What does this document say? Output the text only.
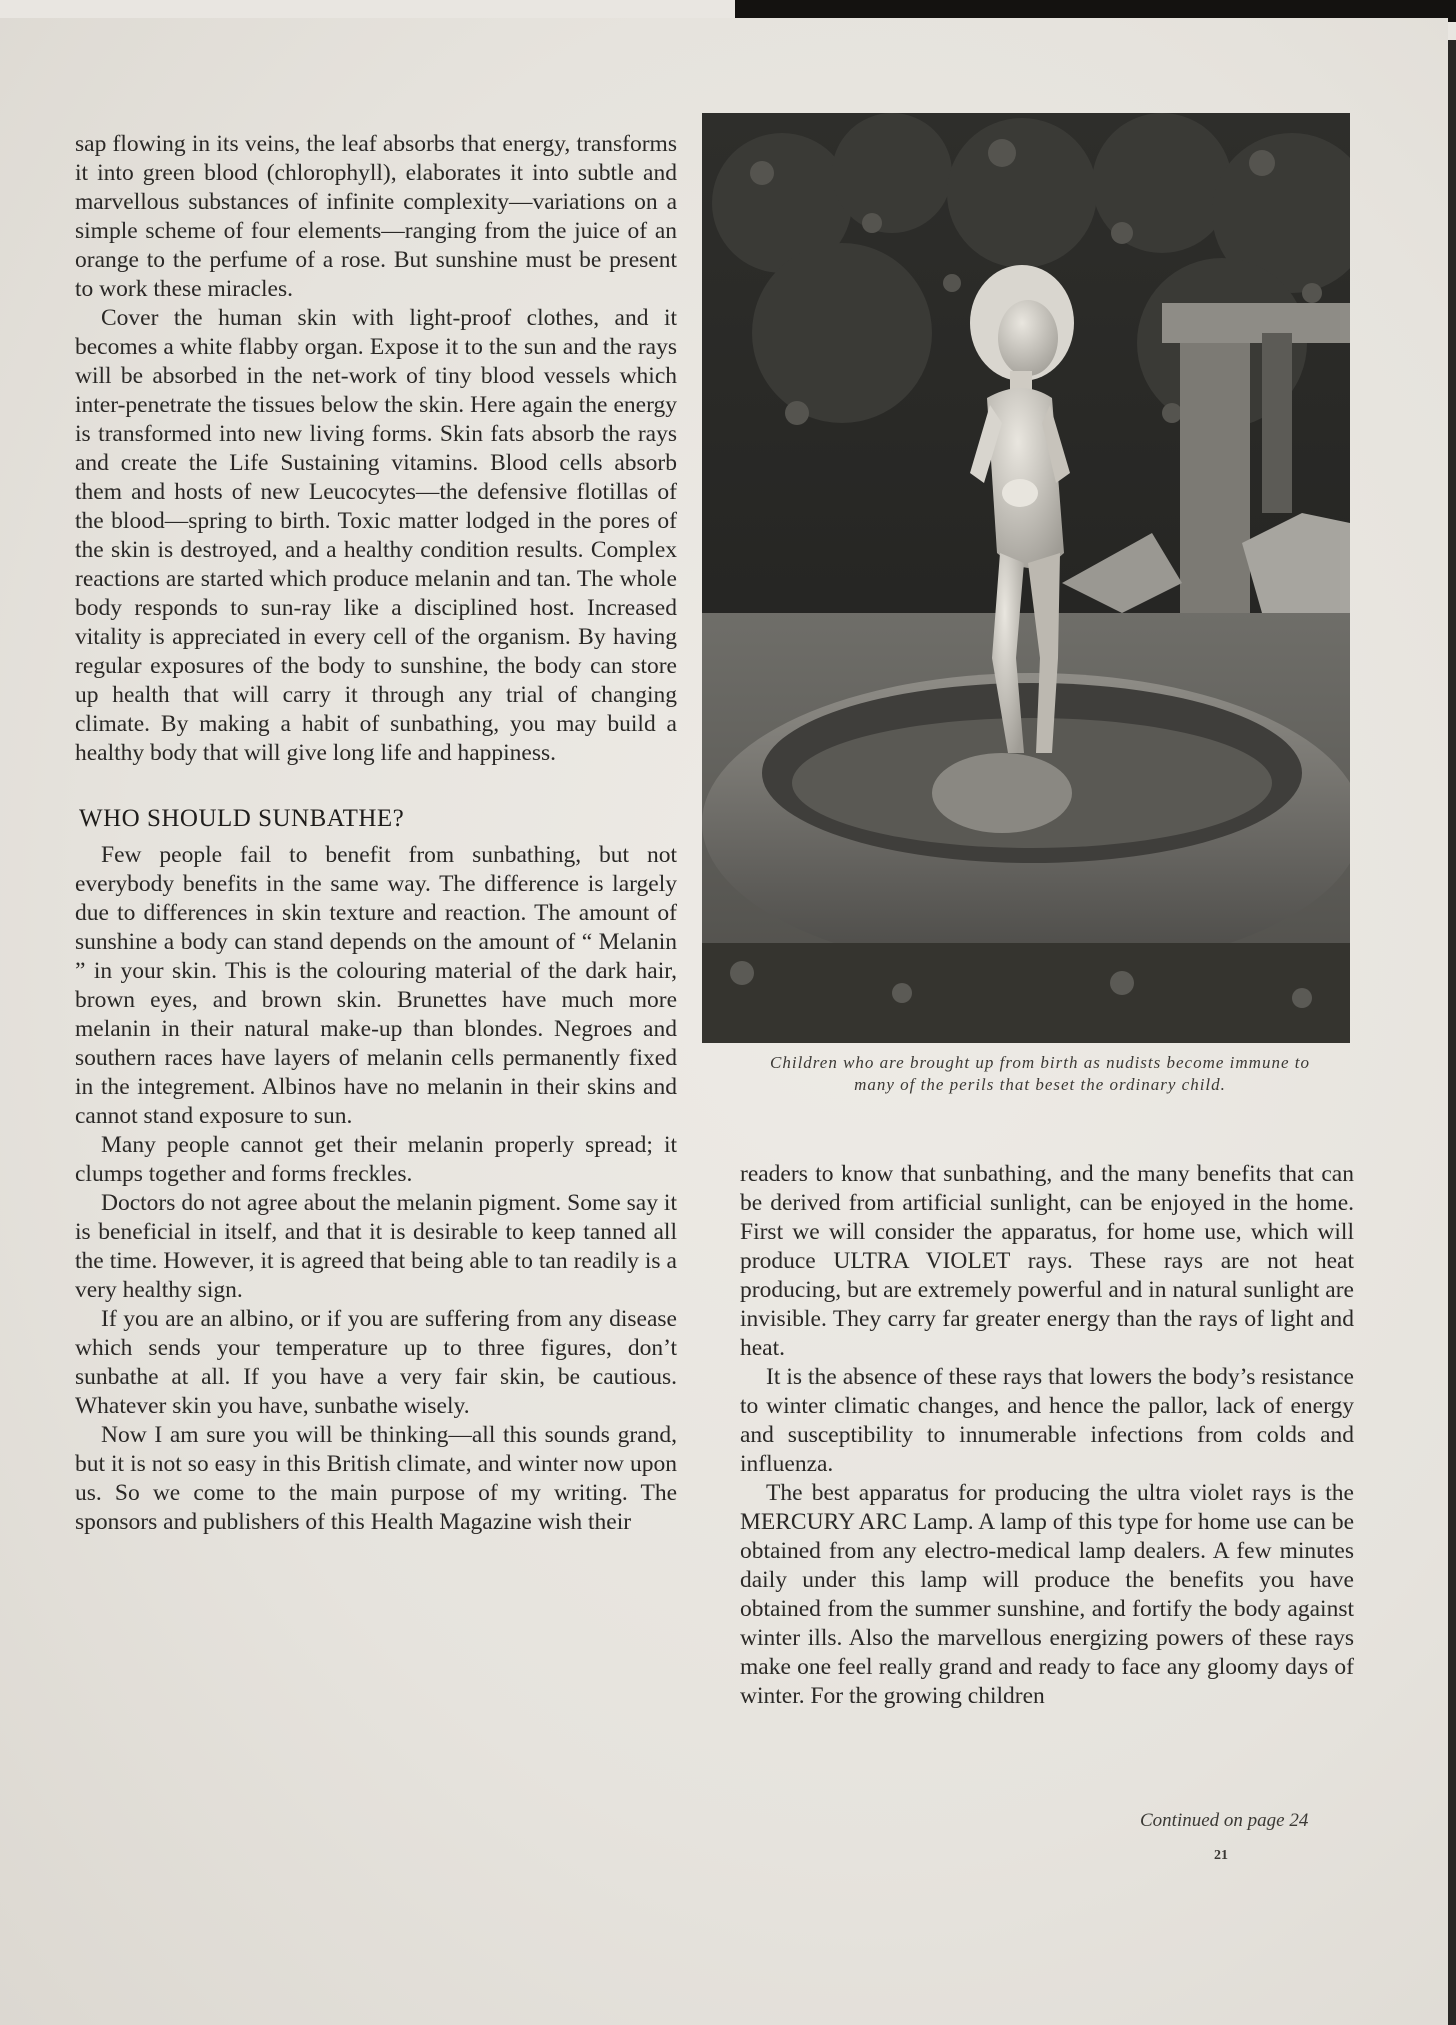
sap flowing in its veins, the leaf absorbs that energy, transforms it into green blood (chlorophyll), elaborates it into subtle and marvellous substances of infinite complexity—variations on a simple scheme of four elements—ranging from the juice of an orange to the perfume of a rose. But sunshine must be present to work these miracles.

Cover the human skin with light-proof clothes, and it becomes a white flabby organ. Expose it to the sun and the rays will be absorbed in the net-work of tiny blood vessels which inter-penetrate the tissues below the skin. Here again the energy is transformed into new living forms. Skin fats absorb the rays and create the Life Sustaining vitamins. Blood cells absorb them and hosts of new Leucocytes—the defensive flotillas of the blood—spring to birth. Toxic matter lodged in the pores of the skin is destroyed, and a healthy condition results. Complex reactions are started which produce melanin and tan. The whole body responds to sun-ray like a disciplined host. Increased vitality is appreciated in every cell of the organism. By having regular exposures of the body to sunshine, the body can store up health that will carry it through any trial of changing climate. By making a habit of sunbathing, you may build a healthy body that will give long life and happiness.

WHO SHOULD SUNBATHE?

Few people fail to benefit from sunbathing, but not everybody benefits in the same way. The difference is largely due to differences in skin texture and reaction. The amount of sunshine a body can stand depends on the amount of “ Melanin ” in your skin. This is the colouring material of the dark hair, brown eyes, and brown skin. Brunettes have much more melanin in their natural make-up than blondes. Negroes and southern races have layers of melanin cells permanently fixed in the integrement. Albinos have no melanin in their skins and cannot stand exposure to sun.

Many people cannot get their melanin properly spread; it clumps together and forms freckles.

Doctors do not agree about the melanin pigment. Some say it is beneficial in itself, and that it is desirable to keep tanned all the time. However, it is agreed that being able to tan readily is a very healthy sign.

If you are an albino, or if you are suffering from any disease which sends your temperature up to three figures, don’t sunbathe at all. If you have a very fair skin, be cautious. Whatever skin you have, sunbathe wisely.

Now I am sure you will be thinking—all this sounds grand, but it is not so easy in this British climate, and winter now upon us. So we come to the main purpose of my writing. The sponsors and publishers of this Health Magazine wish their

Children who are brought up from birth as nudists become immune to many of the perils that beset the ordinary child.

readers to know that sunbathing, and the many benefits that can be derived from artificial sunlight, can be enjoyed in the home. First we will consider the apparatus, for home use, which will produce ULTRA VIOLET rays. These rays are not heat producing, but are extremely powerful and in natural sunlight are invisible. They carry far greater energy than the rays of light and heat.

It is the absence of these rays that lowers the body’s resistance to winter climatic changes, and hence the pallor, lack of energy and susceptibility to innumerable infections from colds and influenza.

The best apparatus for producing the ultra violet rays is the MERCURY ARC Lamp. A lamp of this type for home use can be obtained from any electro-medical lamp dealers. A few minutes daily under this lamp will produce the benefits you have obtained from the summer sunshine, and fortify the body against winter ills. Also the marvellous energizing powers of these rays make one feel really grand and ready to face any gloomy days of winter. For the growing children

Continued on page 24
21
